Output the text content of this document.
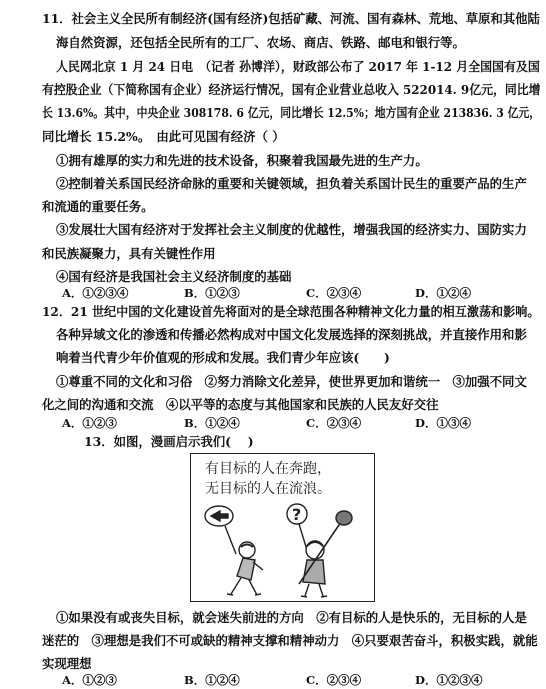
11．社会主义全民所有制经济(国有经济)包括矿藏、河流、国有森林、荒地、草原和其他陆
海自然资源，还包括全民所有的工厂、农场、商店、铁路、邮电和银行等。
人民网北京 1 月 24 日电　（记者 孙博洋），财政部公布了 2017 年 1-12 月全国国有及国
有控股企业（下简称国有企业）经济运行情况，国有企业营业总收入 522014. 9亿元，同比增
长 13.6%。其中，中央企业 308178. 6 亿元，同比增长 12.5%；地方国有企业 213836. 3 亿元，
同比增长 15.2%。　由此可见国有经济（ ）
①拥有雄厚的实力和先进的技术设备，积聚着我国最先进的生产力。
②控制着关系国民经济命脉的重要和关键领域，担负着关系国计民生的重要产品的生产
和流通的重要任务。
③发展壮大国有经济对于发挥社会主义制度的优越性，增强我国的经济实力、国防实力
和民族凝聚力，具有关键性作用
④国有经济是我国社会主义经济制度的基础
A．①②③④	B．①②③	C．②③④	D．①②④
12．21 世纪中国的文化建设首先将面对的是全球范围各种精神文化力量的相互激荡和影响。
各种异域文化的渗透和传播必然构成对中国文化发展选择的深刻挑战，并直接作用和影
响着当代青少年价值观的形成和发展。我们青少年应该(　　)
①尊重不同的文化和习俗　②努力消除文化差异，使世界更加和谐统一　③加强不同文
化之间的沟通和交流　④以平等的态度与其他国家和民族的人民友好交往
A．①②③	B．①②④	C．②③④	D．①③④
13．如图，漫画启示我们(　 )
有目标的人在奔跑，
无目标的人在流浪。
?
①如果没有或丧失目标，就会迷失前进的方向　②有目标的人是快乐的，无目标的人是
迷茫的　③理想是我们不可或缺的精神支撑和精神动力　④只要艰苦奋斗，积极实践，就能
实现理想
A．①②③	B．①②④	C．②③④	D．①②③④
